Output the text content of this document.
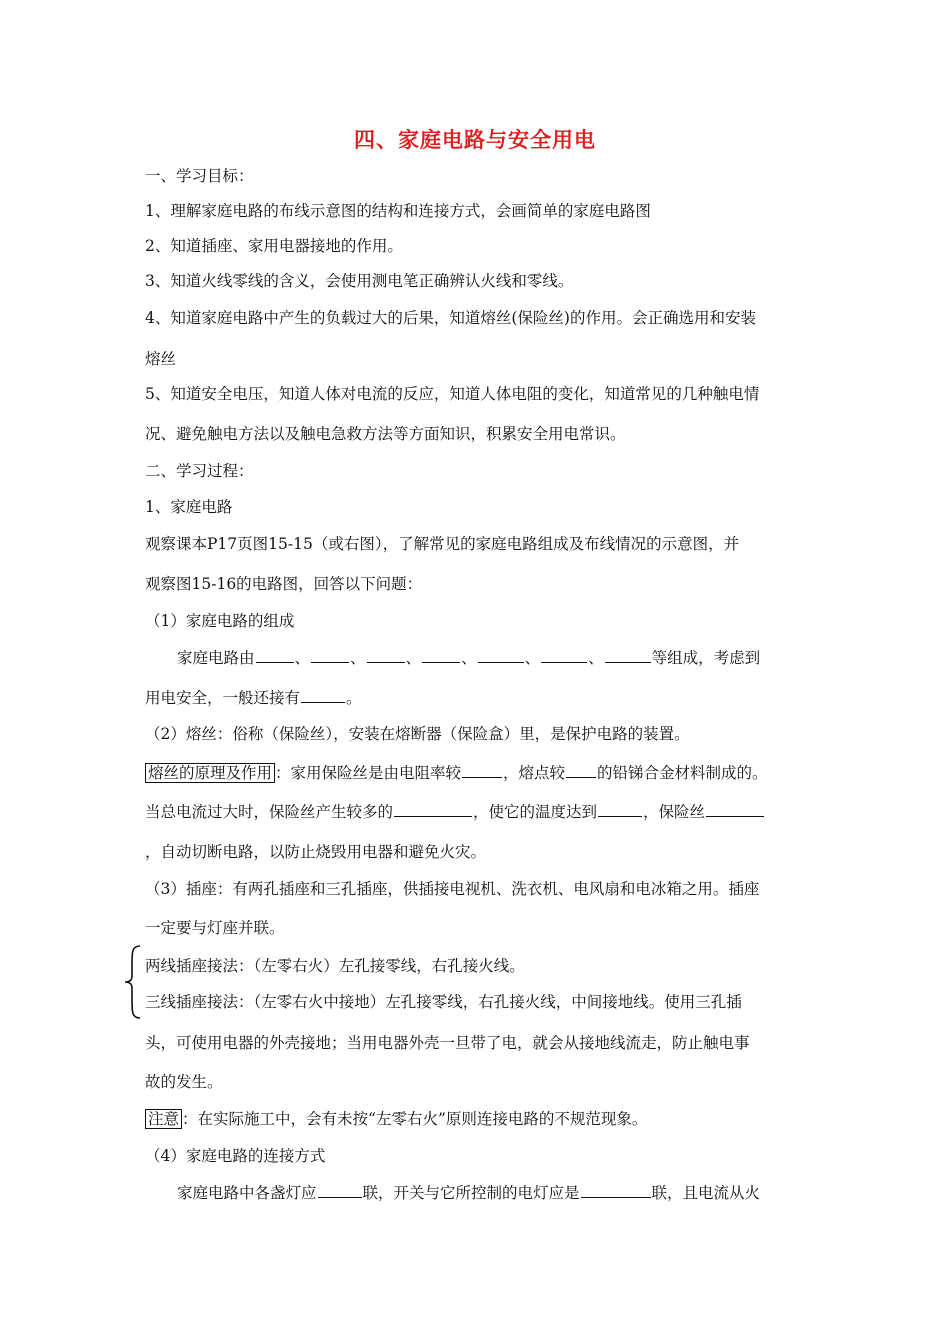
四、家庭电路与安全用电
一、学习目标：
1、理解家庭电路的布线示意图的结构和连接方式，会画简单的家庭电路图
2、知道插座、家用电器接地的作用。
3、知道火线零线的含义，会使用测电笔正确辨认火线和零线。
4、知道家庭电路中产生的负载过大的后果，知道熔丝(保险丝)的作用。会正确选用和安装
熔丝
5、知道安全电压，知道人体对电流的反应，知道人体电阻的变化，知道常见的几种触电情
况、避免触电方法以及触电急救方法等方面知识，积累安全用电常识。
二、学习过程：
1、家庭电路
观察课本P17页图15-15（或右图），了解常见的家庭电路组成及布线情况的示意图，并
观察图15-16的电路图，回答以下问题：
（1）家庭电路的组成
家庭电路由	、	、	、	、	、	、	等组成，考虑到
用电安全，一般还接有	。
（2）熔丝：俗称（保险丝），安装在熔断器（保险盒）里，是保护电路的装置。
熔丝的原理及作用 ：家用保险丝是由电阻率较	，熔点较 的铅锑合金材料制成的。
当总电流过大时，保险丝产生较多的	，使它的温度达到	，保险丝
，自动切断电路，以防止烧毁用电器和避免火灾。
（3）插座：有两孔插座和三孔插座，供插接电视机、洗衣机、电风扇和电冰箱之用。插座
一定要与灯座并联。
两线插座接法：（左零右火）左孔接零线，右孔接火线。
三线插座接法：（左零右火中接地）左孔接零线，右孔接火线，中间接地线。使用三孔插
头，可使用电器的外壳接地；当用电器外壳一旦带了电，就会从接地线流走，防止触电事
故的发生。
注意 ：在实际施工中，会有未按“左零右火”原则连接电路的不规范现象。
（4）家庭电路的连接方式
家庭电路中各盏灯应	联，开关与它所控制的电灯应是	联，且电流从火
